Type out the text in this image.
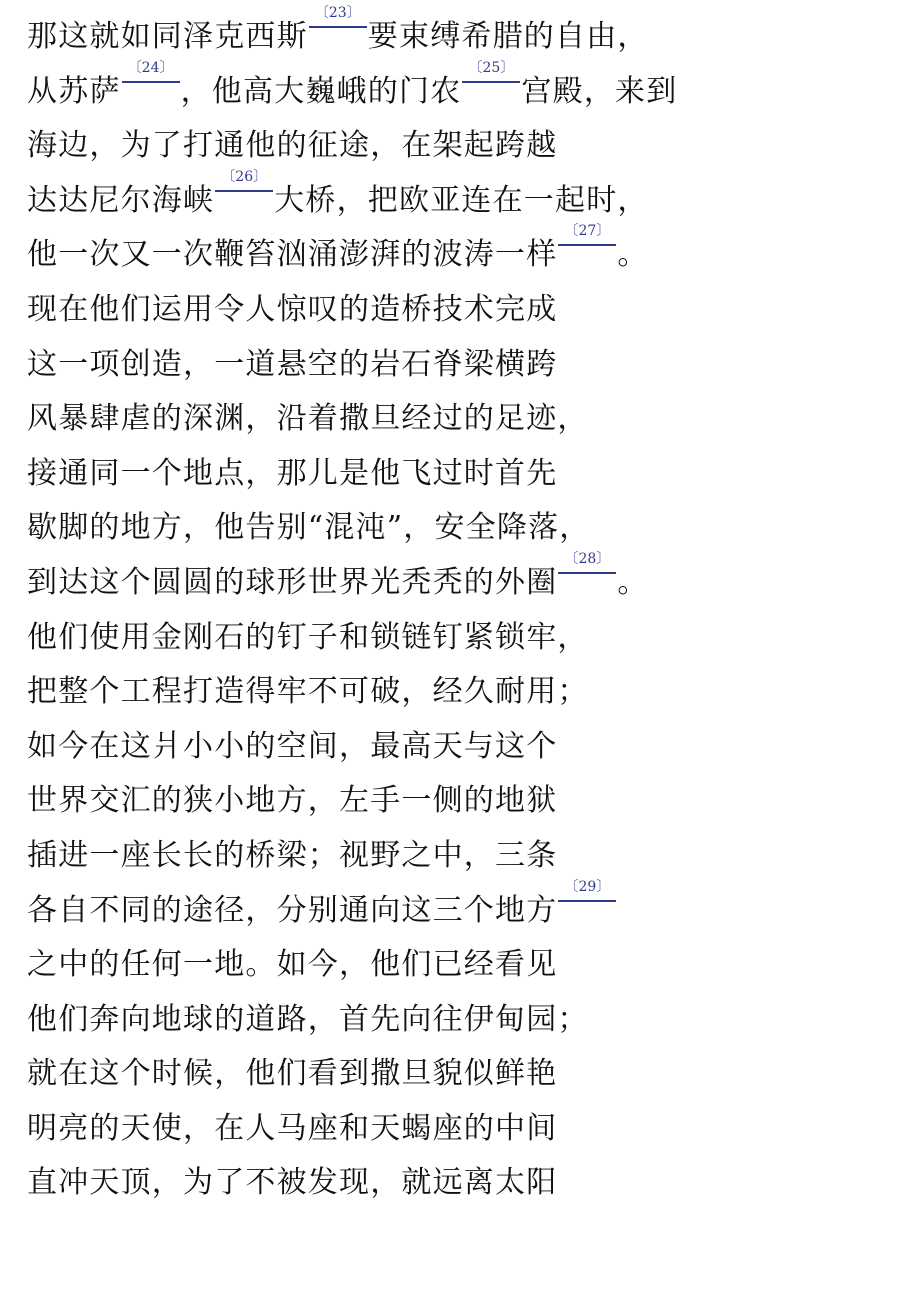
那这就如同泽克西斯
〔23〕
要束缚希腊的自由，
从苏萨
〔24〕
，他高大巍峨的门农
〔25〕
宫殿，来到
海边，为了打通他的征途，在架起跨越
达达尼尔海峡
〔26〕
大桥，把欧亚连在一起时，
他一次又一次鞭笞汹涌澎湃的波涛一样
〔27〕
。
现在他们运用令人惊叹的造桥技术完成
这一项创造，一道悬空的岩石脊梁横跨
风暴肆虐的深渊，沿着撒旦经过的足迹，
接通同一个地点，那儿是他飞过时首先
歇脚的地方，他告别“混沌”，安全降落，
到达这个圆圆的球形世界光秃秃的外圈
〔28〕
。
他们使用金刚石的钉子和锁链钉紧锁牢，
把整个工程打造得牢不可破，经久耐用；
如今在这爿小小的空间，最高天与这个
世界交汇的狭小地方，左手一侧的地狱
插进一座长长的桥梁；视野之中，三条
各自不同的途径，分别通向这三个地方
〔29〕
之中的任何一地。如今，他们已经看见
他们奔向地球的道路，首先向往伊甸园；
就在这个时候，他们看到撒旦貌似鲜艳
明亮的天使，在人马座和天蝎座的中间
直冲天顶，为了不被发现，就远离太阳
